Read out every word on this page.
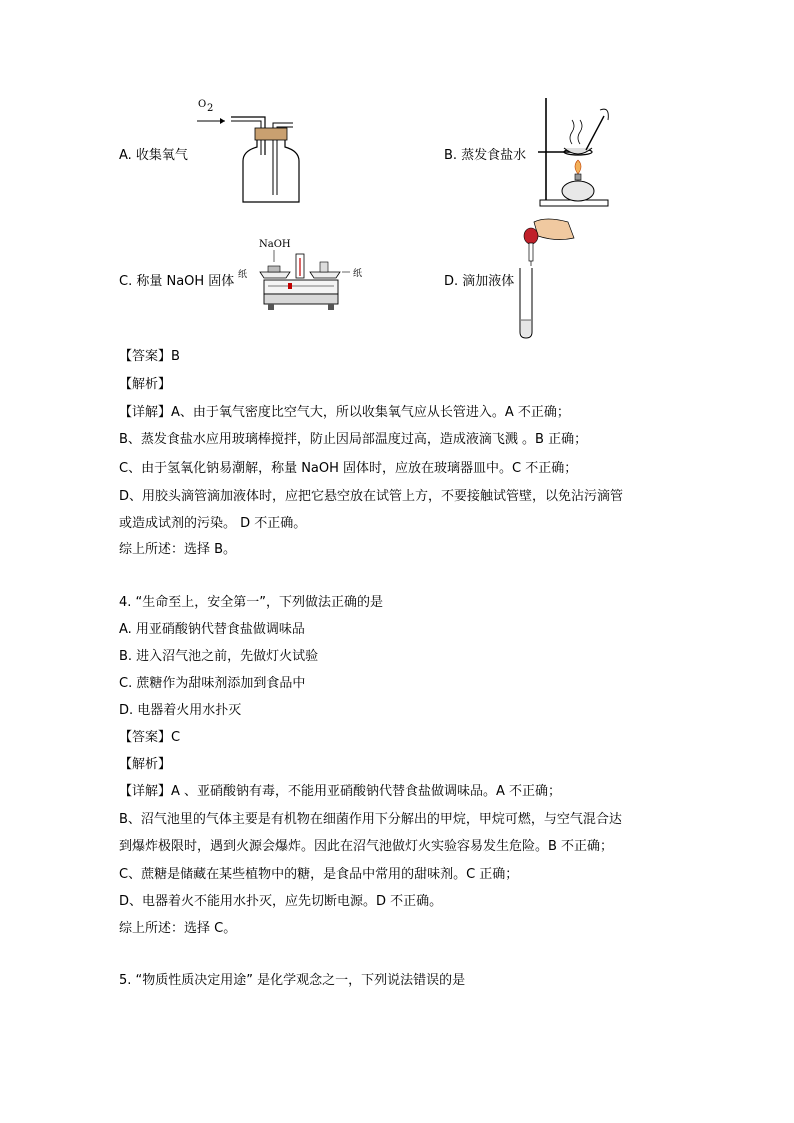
A. 收集氧气	B. 蒸发食盐水
C. 称量 NaOH 固体	D. 滴加液体
O 2
NaOH
纸	纸
【答案】B
【解析】
【详解】A、由于氧气密度比空气大，所以收集氧气应从长管进入。A 不正确；
B、蒸发食盐水应用玻璃棒搅拌，防止因局部温度过高，造成液滴飞溅 。B 正确；
C、由于氢氧化钠易潮解，称量 NaOH 固体时，应放在玻璃器皿中。C 不正确；
D、用胶头滴管滴加液体时，应把它悬空放在试管上方，不要接触试管壁，以免沾污滴管
或造成试剂的污染。 D 不正确。
综上所述：选择 B。
4. “生命至上，安全第一”，下列做法正确的是
A. 用亚硝酸钠代替食盐做调味品
B. 进入沼气池之前，先做灯火试验
C. 蔗糖作为甜味剂添加到食品中
D. 电器着火用水扑灭
【答案】C
【解析】
【详解】A 、亚硝酸钠有毒，不能用亚硝酸钠代替食盐做调味品。A 不正确；
B、沼气池里的气体主要是有机物在细菌作用下分解出的甲烷，甲烷可燃，与空气混合达
到爆炸极限时，遇到火源会爆炸。因此在沼气池做灯火实验容易发生危险。B 不正确；
C、蔗糖是储藏在某些植物中的糖，是食品中常用的甜味剂。C 正确；
D、电器着火不能用水扑灭，应先切断电源。D 不正确。
综上所述：选择 C。
5. “物质性质决定用途” 是化学观念之一，下列说法错误的是
